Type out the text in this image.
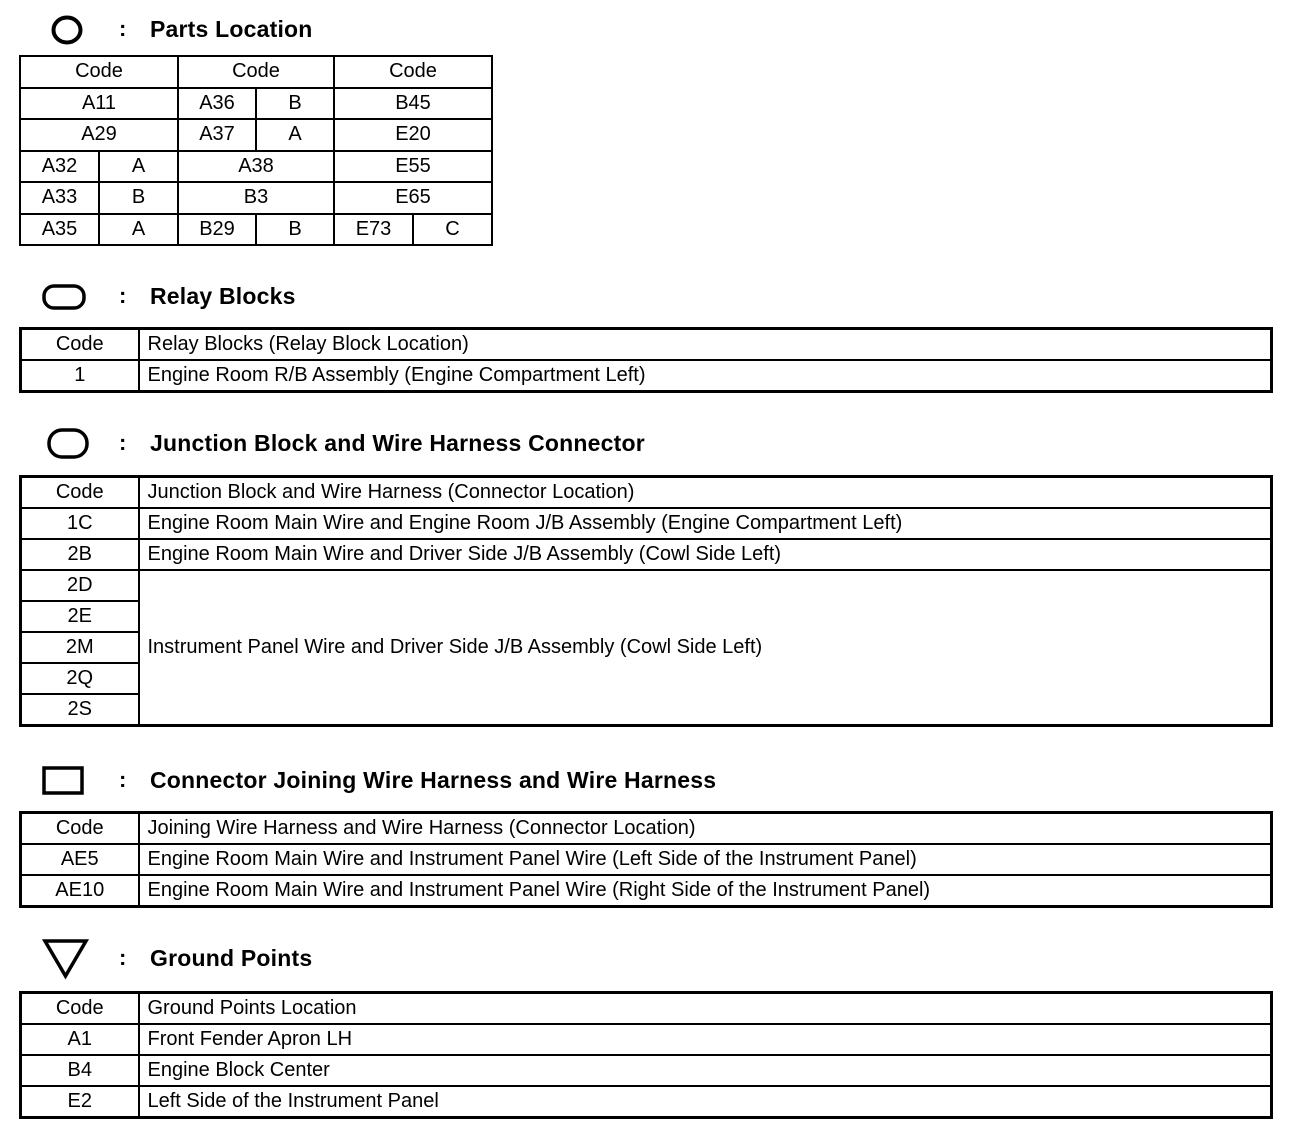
: Parts Location
Code		Code		Code	
A11		A36	B	B45	
A29		A37	A	E20	
A32	A	A38		E55	
A33	B	B3		E65	
A35	A	B29	B	E73	C
: Relay Blocks
Code	Relay Blocks (Relay Block Location)
1	Engine Room R/B Assembly (Engine Compartment Left)
: Junction Block and Wire Harness Connector
Code	Junction Block and Wire Harness (Connector Location)
1C	Engine Room Main Wire and Engine Room J/B Assembly (Engine Compartment Left)
2B	Engine Room Main Wire and Driver Side J/B Assembly (Cowl Side Left)
2D	Instrument Panel Wire and Driver Side J/B Assembly (Cowl Side Left)
2E	
2M	
2Q	
2S	
: Connector Joining Wire Harness and Wire Harness
Code	Joining Wire Harness and Wire Harness (Connector Location)
AE5	Engine Room Main Wire and Instrument Panel Wire (Left Side of the Instrument Panel)
AE10	Engine Room Main Wire and Instrument Panel Wire (Right Side of the Instrument Panel)
: Ground Points
Code	Ground Points Location
A1	Front Fender Apron LH
B4	Engine Block Center
E2	Left Side of the Instrument Panel
